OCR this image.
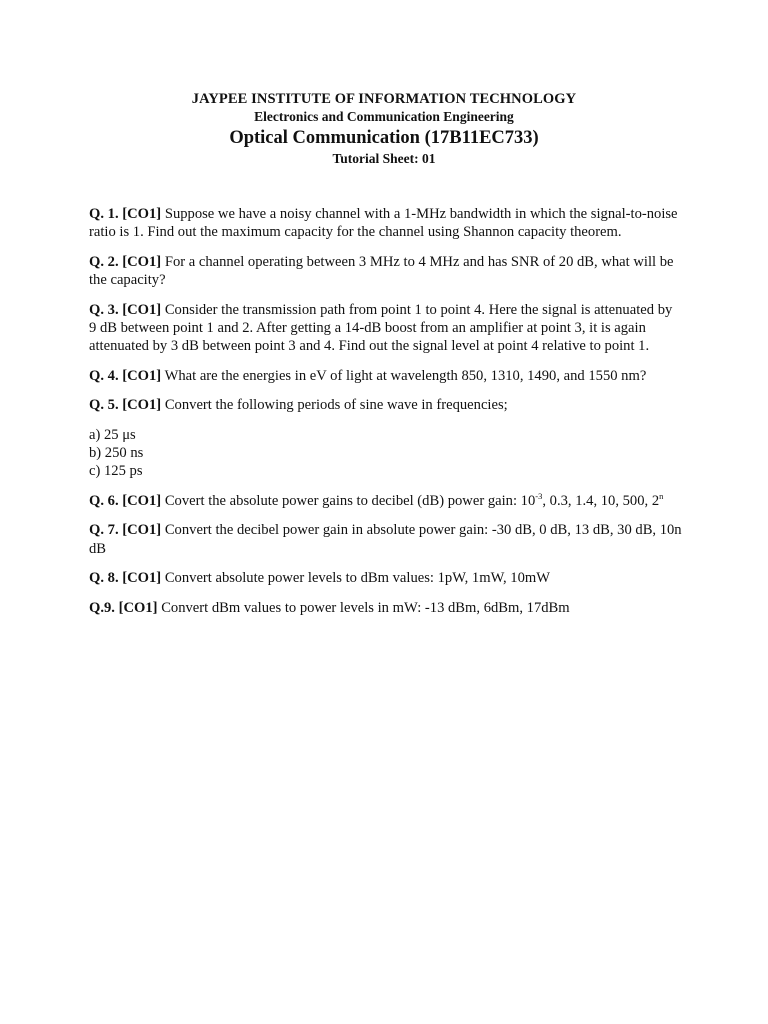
JAYPEE INSTITUTE OF INFORMATION TECHNOLOGY
Electronics and Communication Engineering
Optical Communication (17B11EC733)
Tutorial Sheet: 01

Q. 1. [CO1] Suppose we have a noisy channel with a 1-MHz bandwidth in which the signal-to-noise ratio is 1. Find out the maximum capacity for the channel using Shannon capacity theorem.

Q. 2. [CO1] For a channel operating between 3 MHz to 4 MHz and has SNR of 20 dB, what will be the capacity?

Q. 3. [CO1] Consider the transmission path from point 1 to point 4. Here the signal is attenuated by 9 dB between point 1 and 2. After getting a 14-dB boost from an amplifier at point 3, it is again attenuated by 3 dB between point 3 and 4. Find out the signal level at point 4 relative to point 1.

Q. 4. [CO1] What are the energies in eV of light at wavelength 850, 1310, 1490, and 1550 nm?

Q. 5. [CO1] Convert the following periods of sine wave in frequencies;

a) 25 μs
b) 250 ns
c) 125 ps

Q. 6. [CO1] Covert the absolute power gains to decibel (dB) power gain: $10^{-3}$, 0.3, 1.4, 10, 500, 2$^n$

Q. 7. [CO1] Convert the decibel power gain in absolute power gain: -30 dB, 0 dB, 13 dB, 30 dB, 10n dB

Q. 8. [CO1] Convert absolute power levels to dBm values: 1pW, 1mW, 10mW

Q.9. [CO1] Convert dBm values to power levels in mW: -13 dBm, 6dBm, 17dBm
